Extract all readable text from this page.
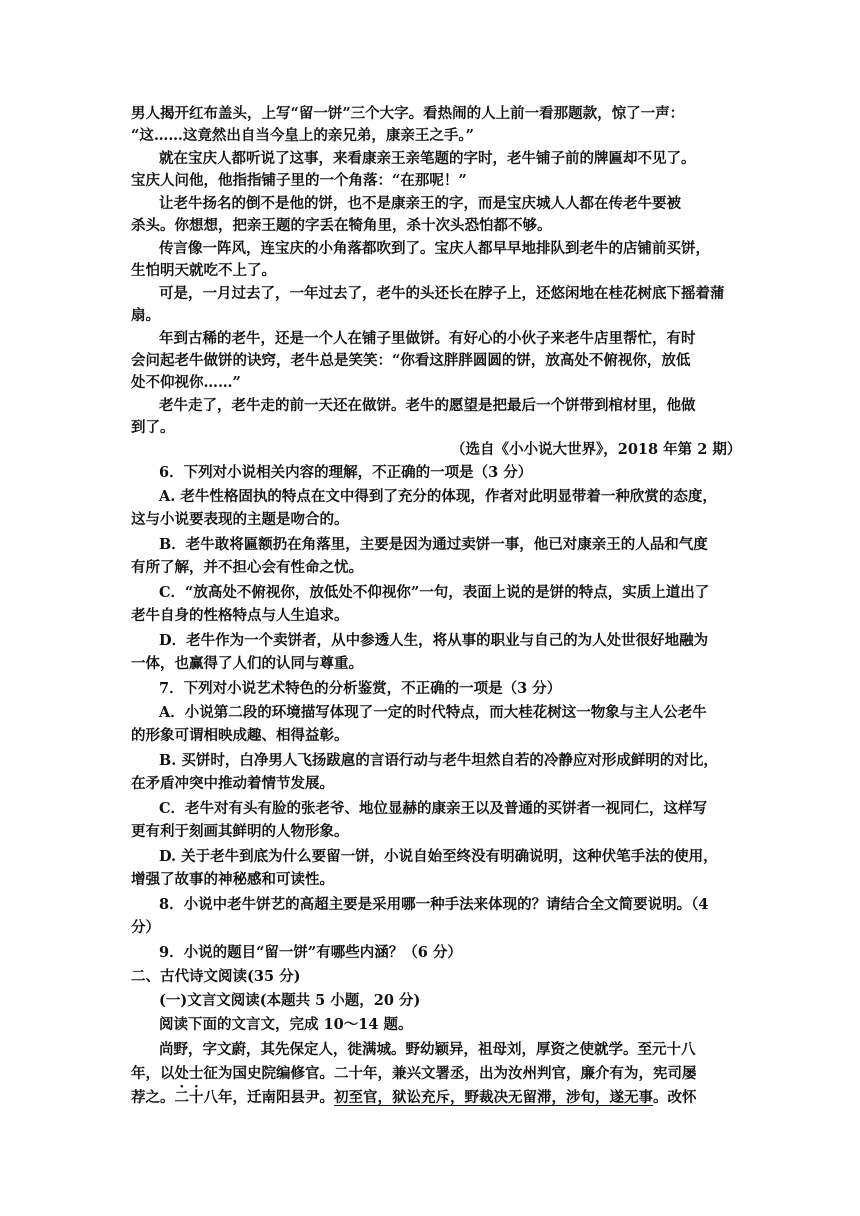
男人揭开红布盖头，上写“留一饼”三个大字。看热闹的人上前一看那题款，惊了一声：
“这……这竟然出自当今皇上的亲兄弟，康亲王之手。”
就在宝庆人都听说了这事，来看康亲王亲笔题的字时，老牛铺子前的牌匾却不见了。
宝庆人问他，他指指铺子里的一个角落：“在那呢！”
让老牛扬名的倒不是他的饼，也不是康亲王的字，而是宝庆城人人都在传老牛要被
杀头。你想想，把亲王题的字丢在犄角里，杀十次头恐怕都不够。
传言像一阵风，连宝庆的小角落都吹到了。宝庆人都早早地排队到老牛的店铺前买饼，
生怕明天就吃不上了。
可是，一月过去了，一年过去了，老牛的头还长在脖子上，还悠闲地在桂花树底下摇着蒲
扇。
年到古稀的老牛，还是一个人在铺子里做饼。有好心的小伙子来老牛店里帮忙，有时
会问起老牛做饼的诀窍，老牛总是笑笑：“你看这胖胖圆圆的饼，放高处不俯视你，放低
处不仰视你……”
老牛走了，老牛走的前一天还在做饼。老牛的愿望是把最后一个饼带到棺材里，他做
到了。
（选自《小小说大世界》，2018 年第 2 期）
6．下列对小说相关内容的理解，不正确的一项是（3 分）
A. 老牛性格固执的特点在文中得到了充分的体现，作者对此明显带着一种欣赏的态度，
这与小说要表现的主题是吻合的。
B．老牛敢将匾额扔在角落里，主要是因为通过卖饼一事，他已对康亲王的人品和气度
有所了解，并不担心会有性命之忧。
C．“放高处不俯视你，放低处不仰视你”一句，表面上说的是饼的特点，实质上道出了
老牛自身的性格特点与人生追求。
D．老牛作为一个卖饼者，从中参透人生，将从事的职业与自己的为人处世很好地融为
一体，也赢得了人们的认同与尊重。
7．下列对小说艺术特色的分析鉴赏，不正确的一项是（3 分）
A．小说第二段的环境描写体现了一定的时代特点，而大桂花树这一物象与主人公老牛
的形象可谓相映成趣、相得益彰。
B. 买饼时，白净男人飞扬跋扈的言语行动与老牛坦然自若的冷静应对形成鲜明的对比，
在矛盾冲突中推动着情节发展。
C．老牛对有头有脸的张老爷、地位显赫的康亲王以及普通的买饼者一视同仁，这样写
更有利于刻画其鲜明的人物形象。
D. 关于老牛到底为什么要留一饼，小说自始至终没有明确说明，这种伏笔手法的使用，
增强了故事的神秘感和可读性。
8．小说中老牛饼艺的高超主要是采用哪一种手法来体现的？请结合全文简要说明。（4
分）
9．小说的题目“留一饼”有哪些内涵？（6 分）
二、古代诗文阅读(35 分)
(一)文言文阅读(本题共 5 小题，20 分)
阅读下面的文言文，完成 10～14 题。
尚野，字文蔚，其先保定人，徙满城。野幼颖异，祖母刘，厚资之使就学。至元十八
年，以处士征为国史院编修官。二十年，兼兴文署丞，出为汝州判官，廉介有为，宪司屡
荐之。二十八年，迁南阳县尹。初至官，狱讼充斥，野裁决无留滞，涉旬，遂无事。改怀
